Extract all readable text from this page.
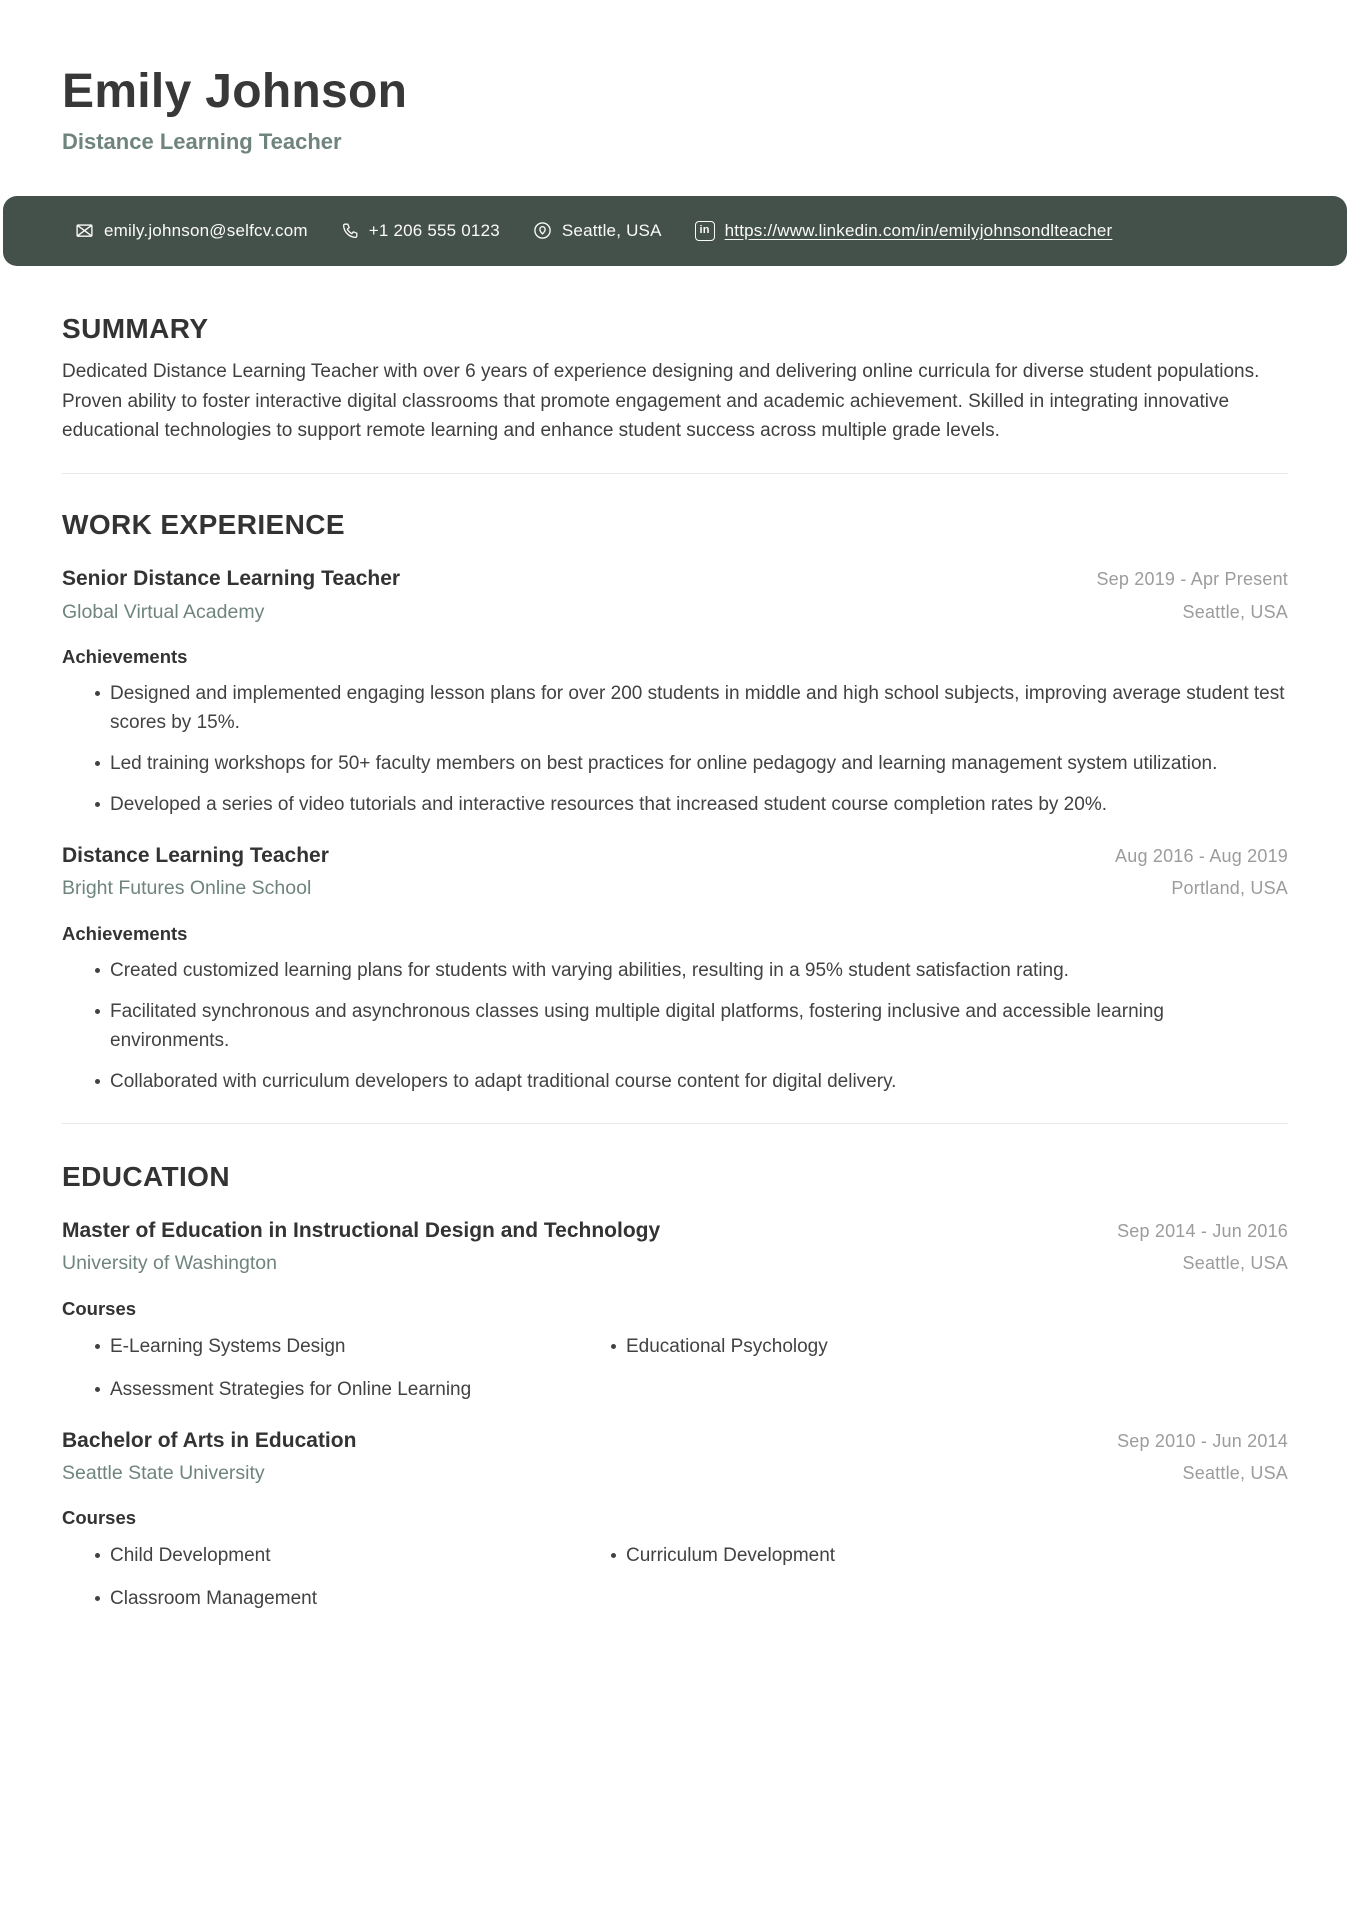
Emily Johnson
Distance Learning Teacher
emily.johnson@selfcv.com	+1 206 555 0123	Seattle, USA	in https://www.linkedin.com/in/emilyjohnsondlteacher
SUMMARY

Dedicated Distance Learning Teacher with over 6 years of experience designing and delivering online curricula for diverse student populations. Proven ability to foster interactive digital classrooms that promote engagement and academic achievement. Skilled in integrating innovative educational technologies to support remote learning and enhance student success across multiple grade levels.

WORK EXPERIENCE
Senior Distance Learning Teacher	Sep 2019 - Apr Present
Global Virtual Academy	Seattle, USA
Achievements
Designed and implemented engaging lesson plans for over 200 students in middle and high school subjects, improving average student test scores by 15%.
Led training workshops for 50+ faculty members on best practices for online pedagogy and learning management system utilization.
Developed a series of video tutorials and interactive resources that increased student course completion rates by 20%.
Distance Learning Teacher	Aug 2016 - Aug 2019
Bright Futures Online School	Portland, USA
Achievements
Created customized learning plans for students with varying abilities, resulting in a 95% student satisfaction rating.
Facilitated synchronous and asynchronous classes using multiple digital platforms, fostering inclusive and accessible learning environments.
Collaborated with curriculum developers to adapt traditional course content for digital delivery.
EDUCATION
Master of Education in Instructional Design and Technology	Sep 2014 - Jun 2016
University of Washington	Seattle, USA
Courses
E-Learning Systems Design	Educational Psychology
Assessment Strategies for Online Learning
Bachelor of Arts in Education	Sep 2010 - Jun 2014
Seattle State University	Seattle, USA
Courses
Child Development	Curriculum Development
Classroom Management
